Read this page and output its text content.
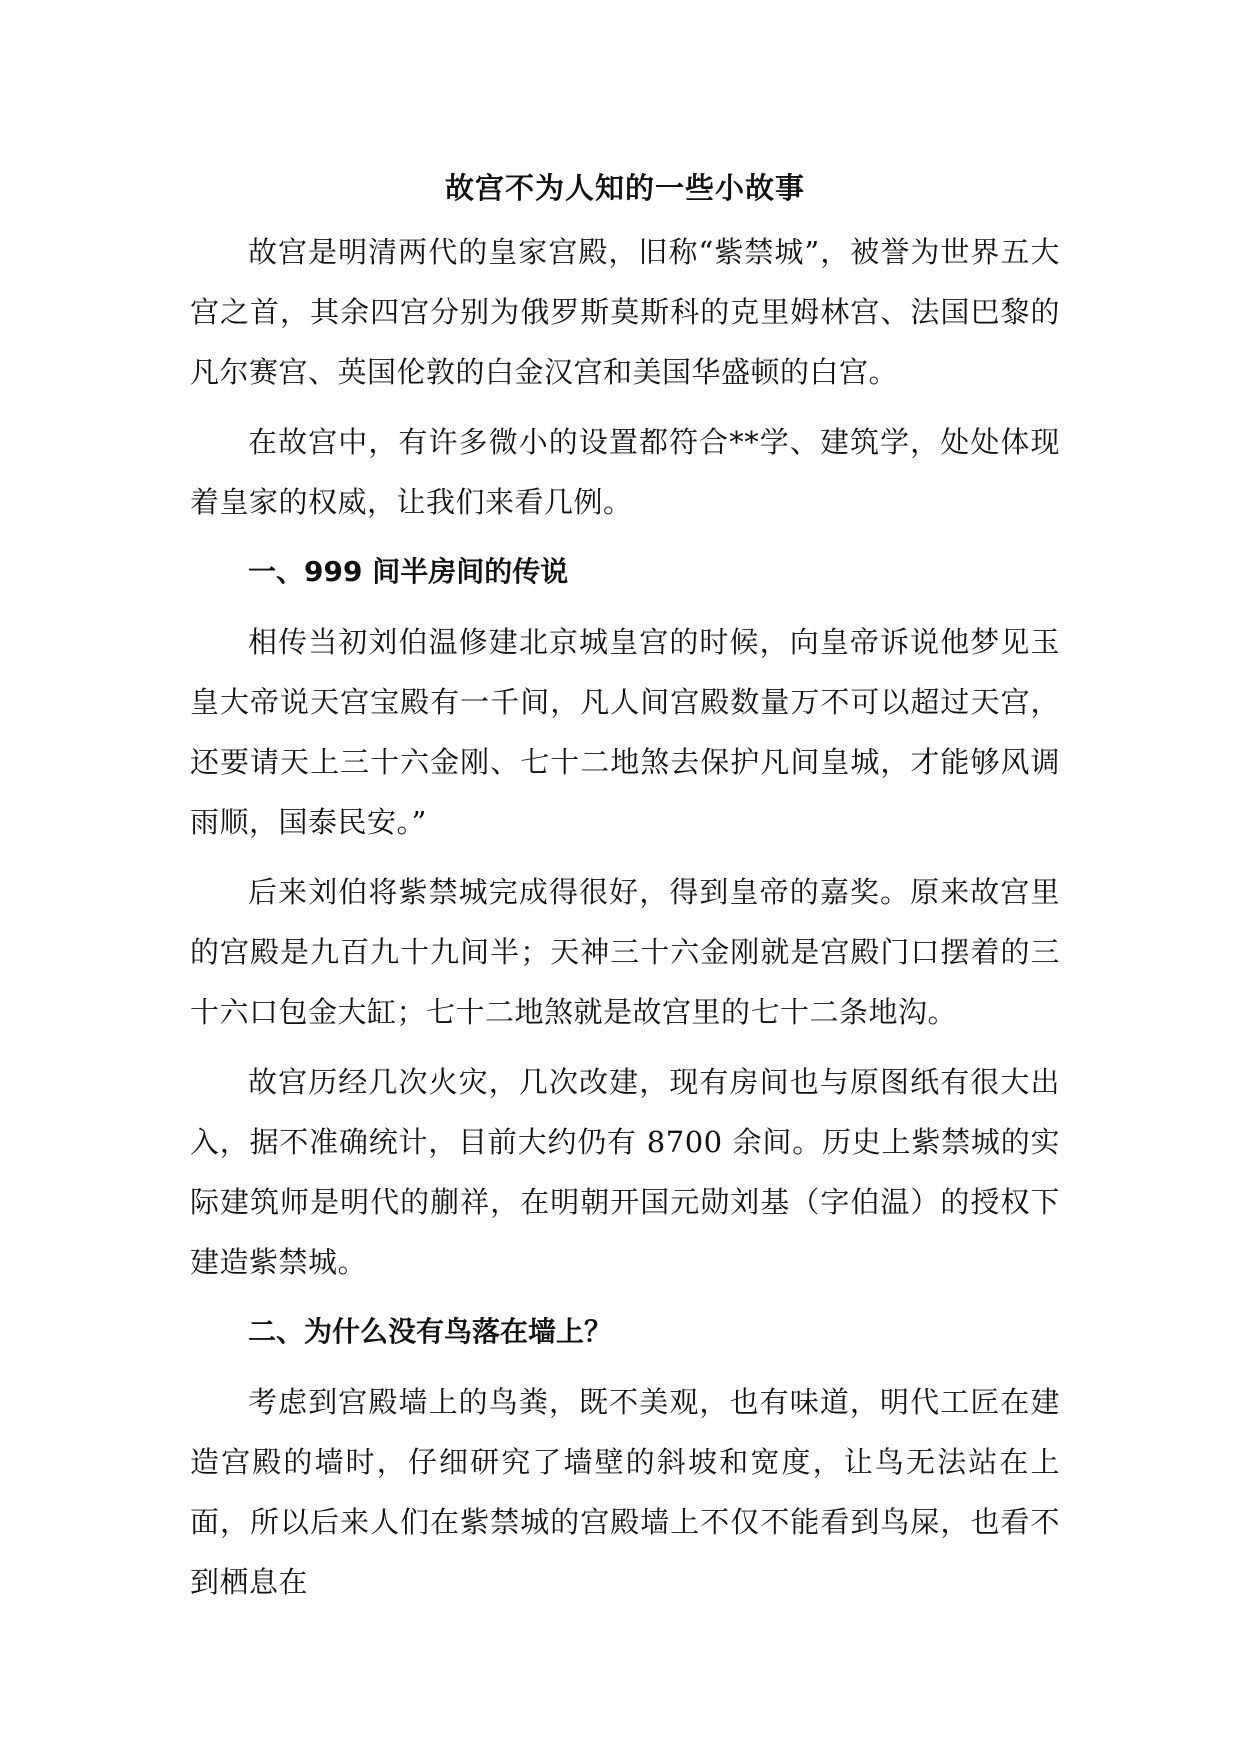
故宫不为人知的一些小故事

故宫是明清两代的皇家宫殿，旧称“紫禁城”，被誉为世界五大宫之首，其余四宫分别为俄罗斯莫斯科的克里姆林宫、法国巴黎的凡尔赛宫、英国伦敦的白金汉宫和美国华盛顿的白宫。

在故宫中，有许多微小的设置都符合**学、建筑学，处处体现着皇家的权威，让我们来看几例。

一、999 间半房间的传说

相传当初刘伯温修建北京城皇宫的时候，向皇帝诉说他梦见玉皇大帝说天宫宝殿有一千间，凡人间宫殿数量万不可以超过天宫，还要请天上三十六金刚、七十二地煞去保护凡间皇城，才能够风调雨顺，国泰民安。”

后来刘伯将紫禁城完成得很好，得到皇帝的嘉奖。原来故宫里的宫殿是九百九十九间半；天神三十六金刚就是宫殿门口摆着的三十六口包金大缸；七十二地煞就是故宫里的七十二条地沟。

故宫历经几次火灾，几次改建，现有房间也与原图纸有很大出入，据不准确统计，目前大约仍有 8700 余间。历史上紫禁城的实际建筑师是明代的蒯祥，在明朝开国元勋刘基（字伯温）的授权下建造紫禁城。

二、为什么没有鸟落在墙上？

考虑到宫殿墙上的鸟粪，既不美观，也有味道，明代工匠在建造宫殿的墙时，仔细研究了墙壁的斜坡和宽度，让鸟无法站在上面，所以后来人们在紫禁城的宫殿墙上不仅不能看到鸟屎，也看不到栖息在
